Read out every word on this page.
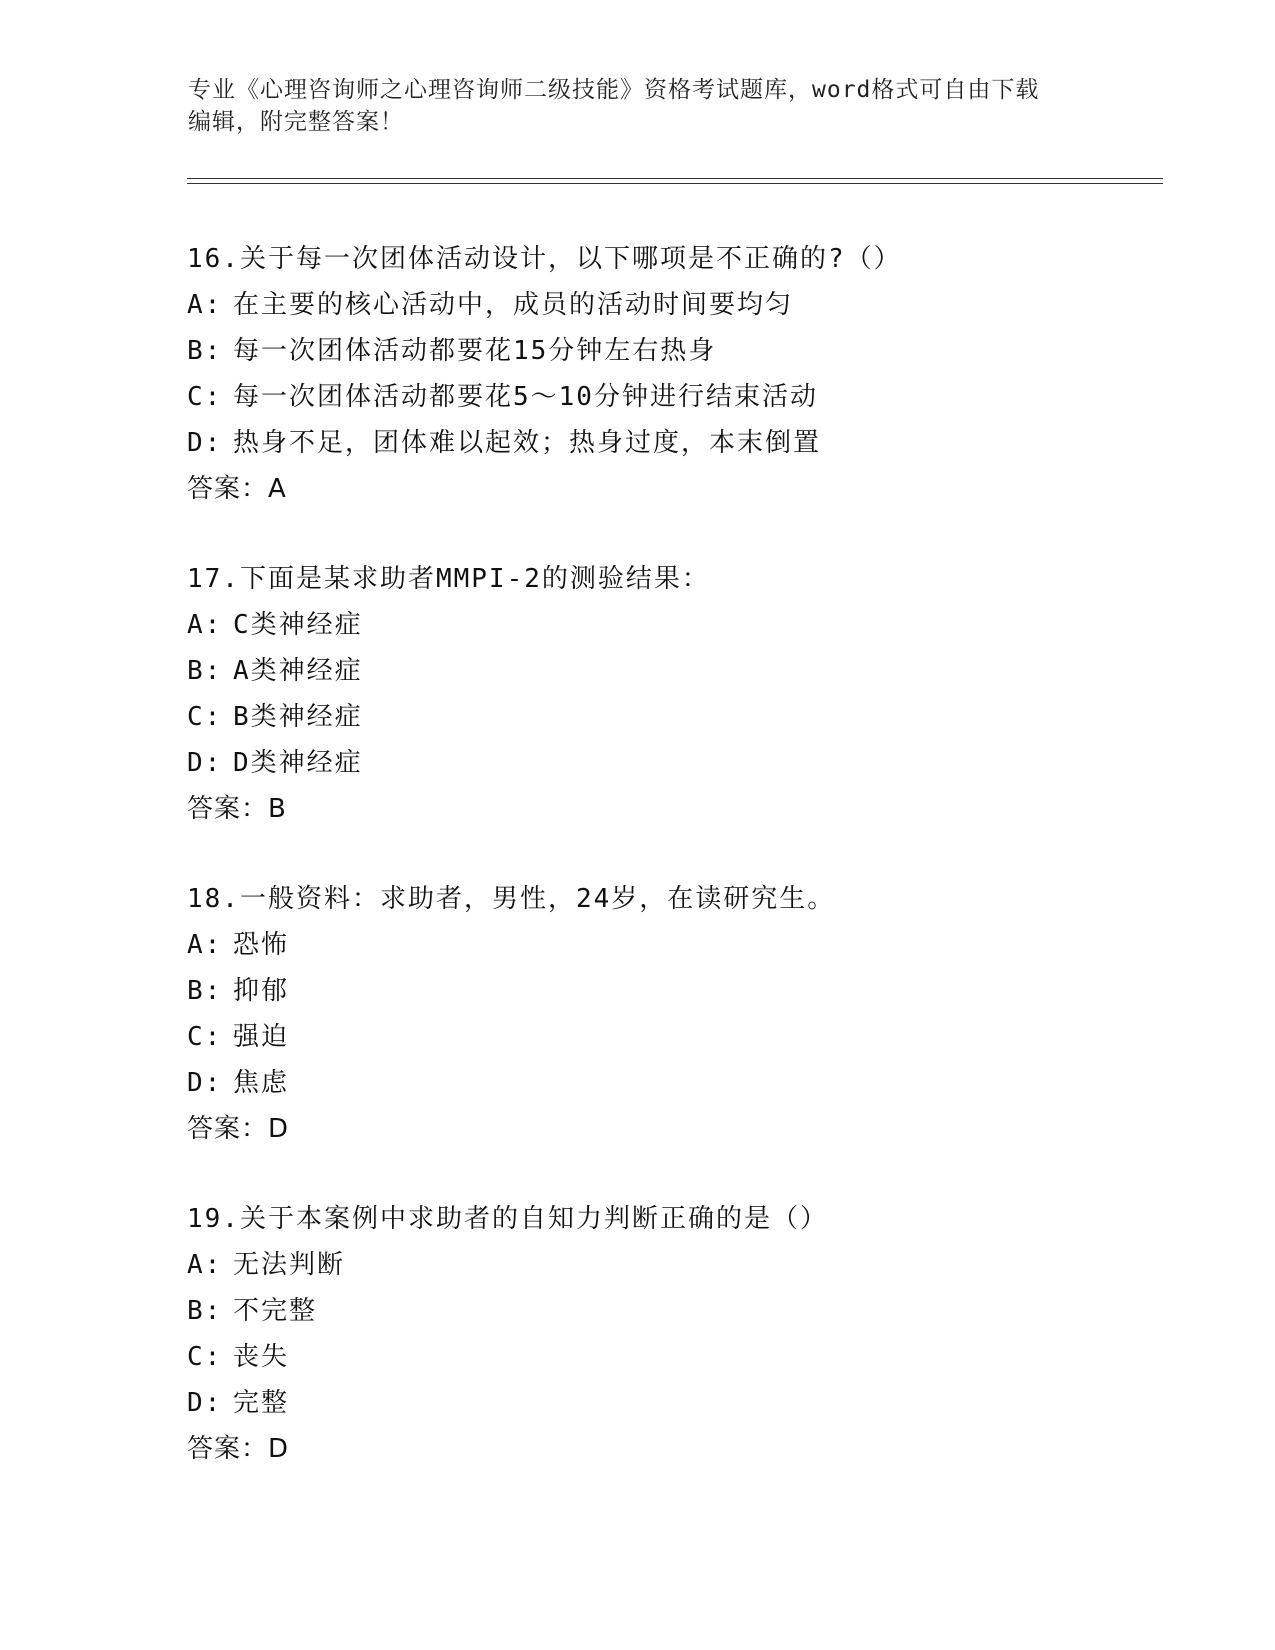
专业《心理咨询师之心理咨询师二级技能》资格考试题库，word格式可自由下载
编辑，附完整答案！
16.关于每一次团体活动设计，以下哪项是不正确的?（）
A: 在主要的核心活动中，成员的活动时间要均匀
B: 每一次团体活动都要花15分钟左右热身
C: 每一次团体活动都要花5～10分钟进行结束活动
D: 热身不足，团体难以起效；热身过度，本末倒置
答案：A
17.下面是某求助者MMPI-2的测验结果：
A: C类神经症
B: A类神经症
C: B类神经症
D: D类神经症
答案：B
18.一般资料：求助者，男性，24岁，在读研究生。
A: 恐怖
B: 抑郁
C: 强迫
D: 焦虑
答案：D
19.关于本案例中求助者的自知力判断正确的是（）
A: 无法判断
B: 不完整
C: 丧失
D: 完整
答案：D
